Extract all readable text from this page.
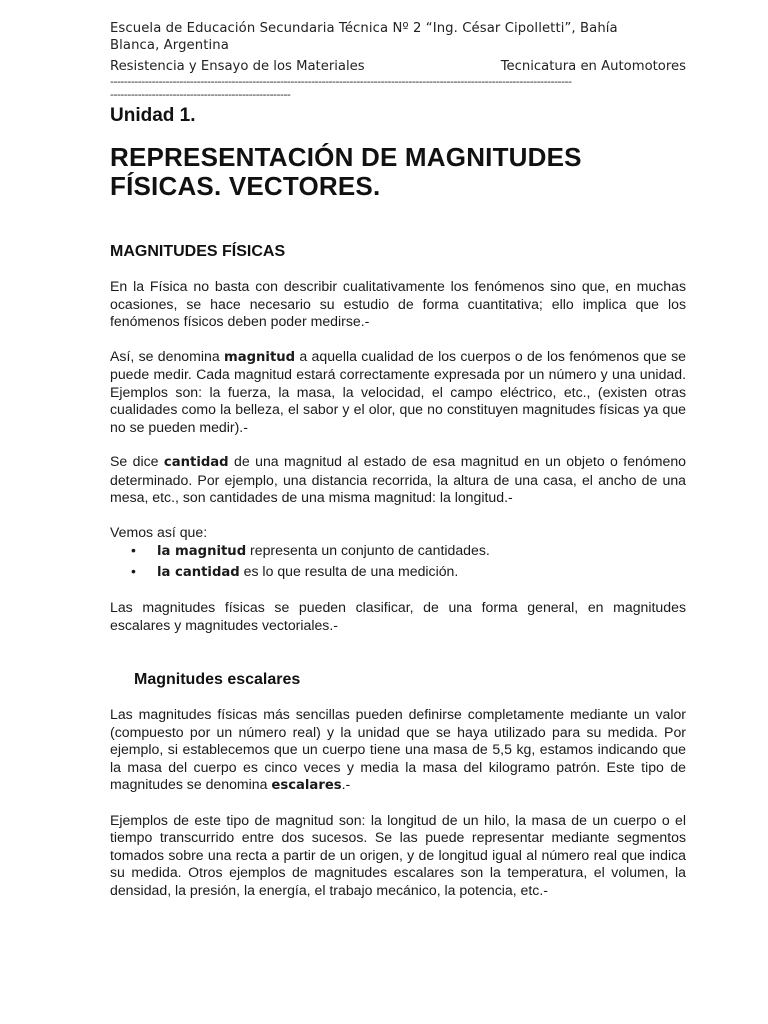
Escuela de Educación Secundaria Técnica Nº 2 “Ing. César Cipolletti”, Bahía
Blanca, Argentina
Resistencia y Ensayo de los Materiales	Tecnicatura en Automotores
-------------------------------------------------------------------------------------------------------------------------------------
----------------------------------------------------
Unidad 1.
REPRESENTACIÓN DE MAGNITUDES
FÍSICAS. VECTORES.
MAGNITUDES FÍSICAS

En la Física no basta con describir cualitativamente los fenómenos sino que, en muchas ocasiones, se hace necesario su estudio de forma cuantitativa; ello implica que los fenómenos físicos deben poder medirse.-

Así, se denomina magnitud a aquella cualidad de los cuerpos o de los fenómenos que se puede medir. Cada magnitud estará correctamente expresada por un número y una unidad. Ejemplos son: la fuerza, la masa, la velocidad, el campo eléctrico, etc., (existen otras cualidades como la belleza, el sabor y el olor, que no constituyen magnitudes físicas ya que no se pueden medir).-

Se dice cantidad de una magnitud al estado de esa magnitud en un objeto o fenómeno determinado. Por ejemplo, una distancia recorrida, la altura de una casa, el ancho de una mesa, etc., son cantidades de una misma magnitud: la longitud.-

Vemos así que:

• la magnitud representa un conjunto de cantidades.
• la cantidad es lo que resulta de una medición.

Las magnitudes físicas se pueden clasificar, de una forma general, en magnitudes escalares y magnitudes vectoriales.-

Magnitudes escalares

Las magnitudes físicas más sencillas pueden definirse completamente mediante un valor (compuesto por un número real) y la unidad que se haya utilizado para su medida. Por ejemplo, si establecemos que un cuerpo tiene una masa de 5,5 kg, estamos indicando que la masa del cuerpo es cinco veces y media la masa del kilogramo patrón. Este tipo de magnitudes se denomina escalares.-

Ejemplos de este tipo de magnitud son: la longitud de un hilo, la masa de un cuerpo o el tiempo transcurrido entre dos sucesos. Se las puede representar mediante segmentos tomados sobre una recta a partir de un origen, y de longitud igual al número real que indica su medida. Otros ejemplos de magnitudes escalares son la temperatura, el volumen, la densidad, la presión, la energía, el trabajo mecánico, la potencia, etc.-
